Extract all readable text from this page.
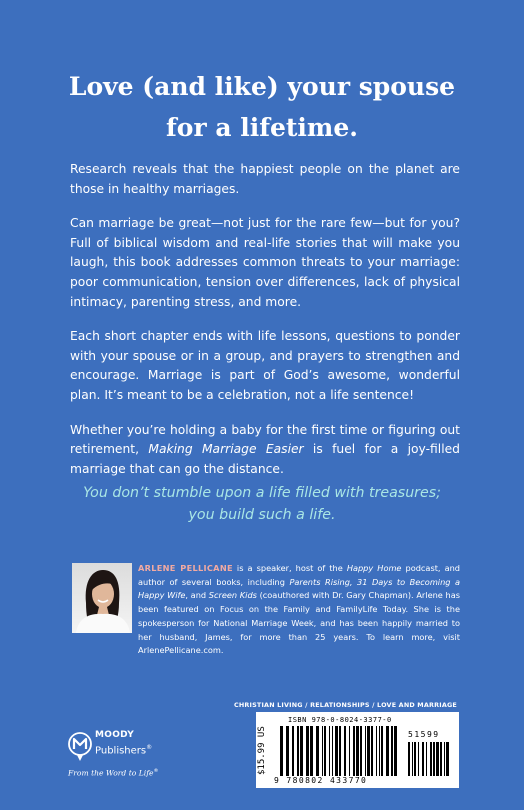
Love (and like) your spouse
for a lifetime.

Research reveals that the happiest people on the planet are those in healthy marriages.

Can marriage be great—not just for the rare few—but for you? Full of biblical wisdom and real-life stories that will make you laugh, this book addresses common threats to your marriage: poor communication, tension over differences, lack of physical intimacy, parenting stress, and more.

Each short chapter ends with life lessons, questions to ponder with your spouse or in a group, and prayers to strengthen and encourage. Marriage is part of God’s awesome, wonderful plan. It’s meant to be a celebration, not a life sentence!

Whether you’re holding a baby for the first time or figuring out retirement, Making Marriage Easier is fuel for a joy-filled marriage that can go the distance.

You don’t stumble upon a life filled with treasures;
you build such a life.

ARLENE PELLICANE is a speaker, host of the Happy Home podcast, and author of several books, including Parents Rising, 31 Days to Becoming a Happy Wife, and Screen Kids (coauthored with Dr. Gary Chapman). Arlene has been featured on Focus on the Family and FamilyLife Today. She is the spokesperson for National Marriage Week, and has been happily married to her husband, James, for more than 25 years. To learn more, visit ArlenePellicane.com.

CHRISTIAN LIVING / RELATIONSHIPS / LOVE AND MARRIAGE

$15.99 US
ISBN 978-0-8024-3377-0
51599
9 780802 433770

MOODY

Publishers®

From the Word to Life®
